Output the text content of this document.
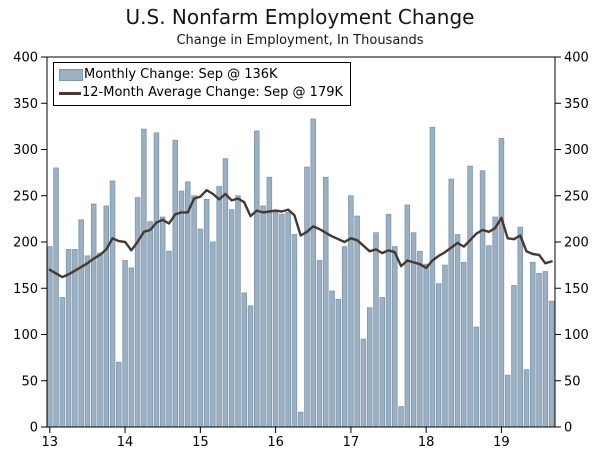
U.S. Nonfarm Employment Change
Change in Employment, In Thousands
0	0
50	50
100	100
150	150
200	200
250	250
300	300
350	350
400	400
13	14	15	16	17	18	19
Monthly Change: Sep @ 136K
12-Month Average Change: Sep @ 179K
